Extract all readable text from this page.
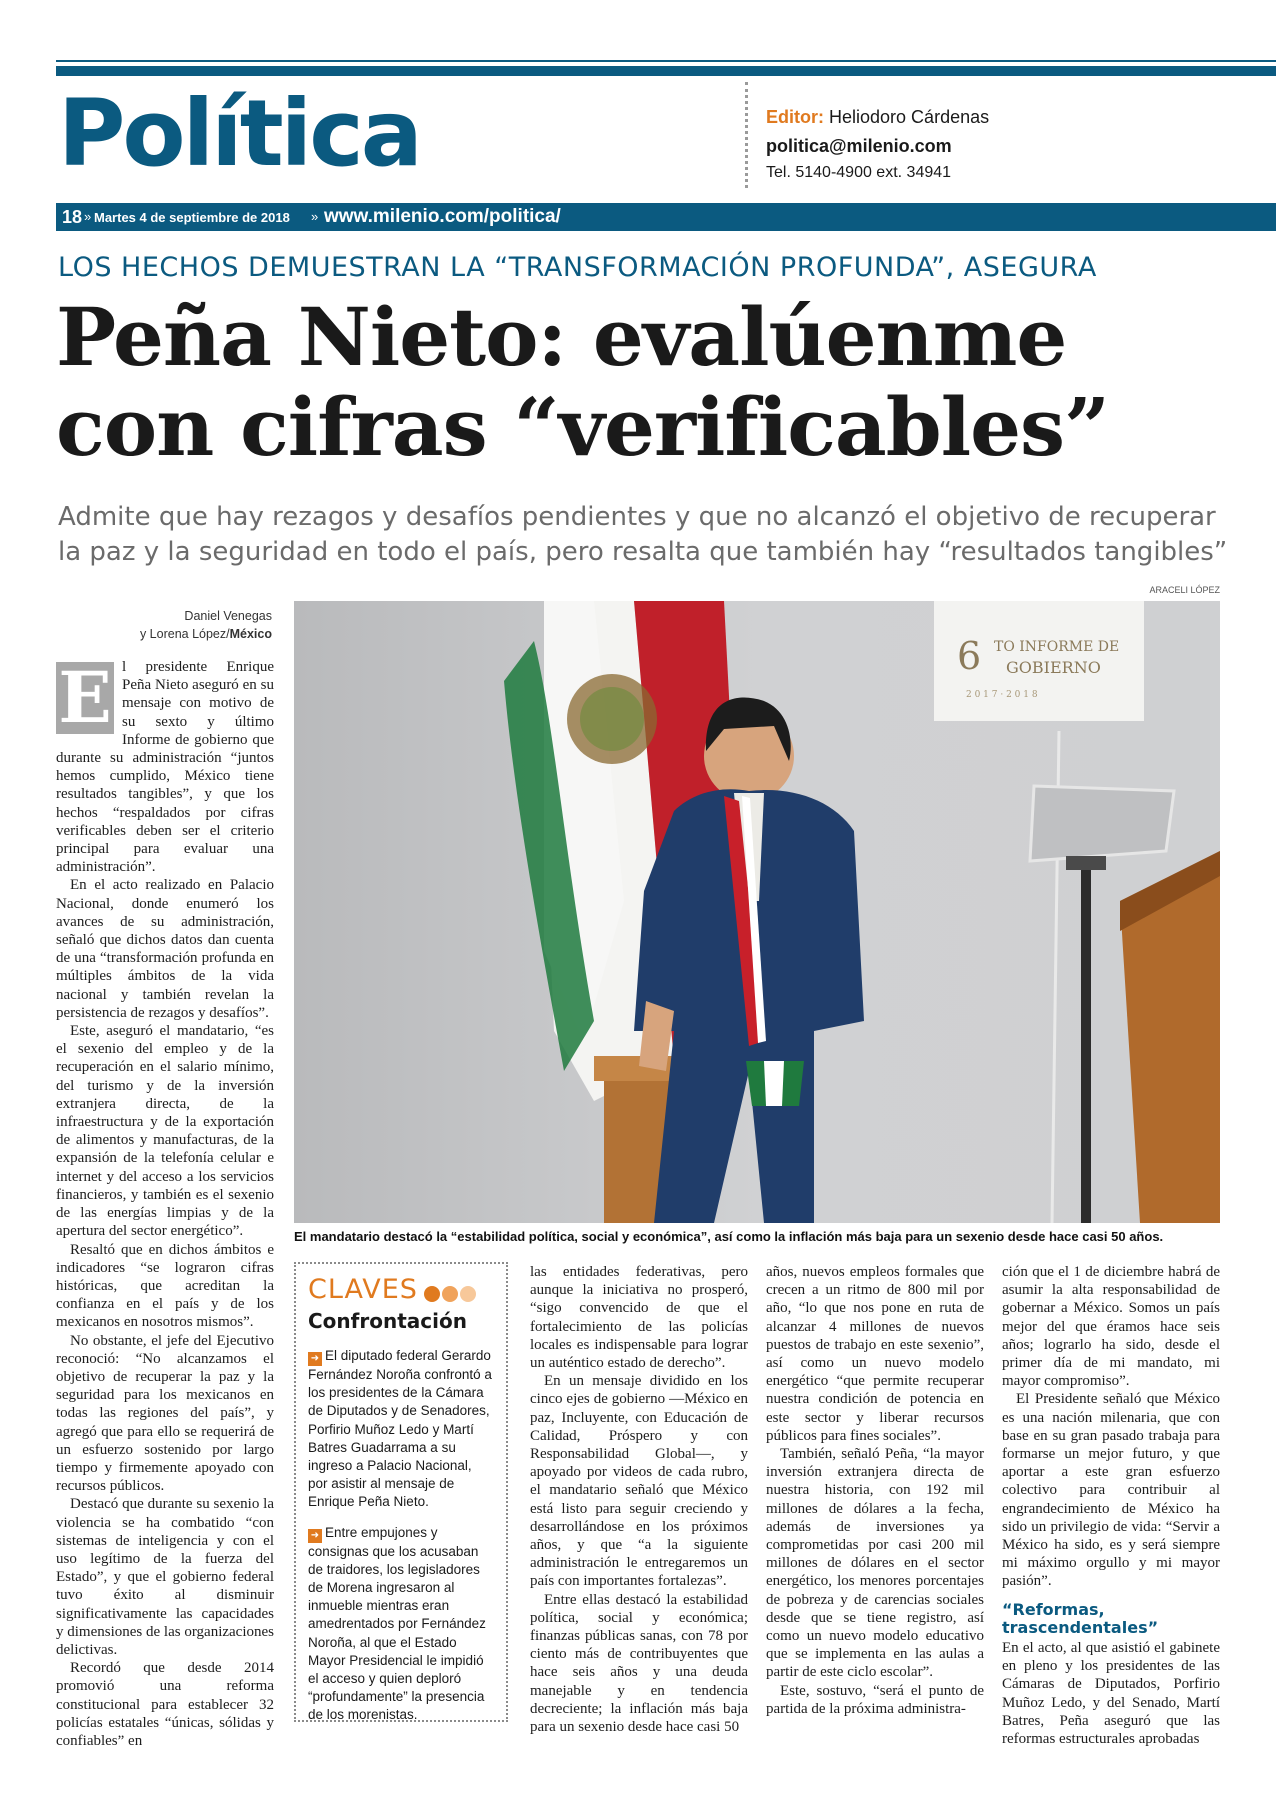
Política	Editor: Heliodoro Cárdenas
politica@milenio.com
Tel. 5140-4900 ext. 34941
18 » Martes 4 de septiembre de 2018 » www.milenio.com/politica/
LOS HECHOS DEMUESTRAN LA “TRANSFORMACIÓN PROFUNDA”, ASEGURA
Peña Nieto: evalúenme
con cifras “verificables”
Admite que hay rezagos y desafíos pendientes y que no alcanzó el objetivo de recuperar
la paz y la seguridad en todo el país, pero resalta que también hay “resultados tangibles”
ARACELI LÓPEZ
6 TO INFORME DE
GOBIERNO
2 0 1 7 · 2 0 1 8
El mandatario destacó la “estabilidad política, social y económica”, así como la inflación más baja para un sexenio desde hace casi 50 años.
Daniel Venegas
y Lorena López/México
E l presidente Enrique Peña Nieto aseguró en su mensaje con motivo de su sexto y último Informe de gobierno que durante su administración “juntos hemos cumplido, México tiene resultados tangibles”, y que los hechos “respaldados por cifras verificables deben ser el criterio principal para evaluar una administración”.

En el acto realizado en Palacio Nacional, donde enumeró los avances de su administración, señaló que dichos datos dan cuenta de una “transformación profunda en múltiples ámbitos de la vida nacional y también revelan la persistencia de rezagos y desafíos”.

Este, aseguró el mandatario, “es el sexenio del empleo y de la recuperación en el salario mínimo, del turismo y de la inversión extranjera directa, de la infraestructura y de la exportación de alimentos y manufacturas, de la expansión de la telefonía celular e internet y del acceso a los servicios financieros, y también es el sexenio de las energías limpias y de la apertura del sector energético”.

Resaltó que en dichos ámbitos e indicadores “se lograron cifras históricas, que acreditan la confianza en el país y de los mexicanos en nosotros mismos”.

No obstante, el jefe del Ejecutivo reconoció: “No alcanzamos el objetivo de recuperar la paz y la seguridad para los mexicanos en todas las regiones del país”, y agregó que para ello se requerirá de un esfuerzo sostenido por largo tiempo y firmemente apoyado con recursos públicos.

Destacó que durante su sexenio la violencia se ha combatido “con sistemas de inteligencia y con el uso legítimo de la fuerza del Estado”, y que el gobierno federal tuvo éxito al disminuir significativamente las capacidades y dimensiones de las organizaciones delictivas.

Recordó que desde 2014 promovió una reforma constitucional para establecer 32 policías estatales “únicas, sólidas y confiables” en

CLAVES
Confrontación

➜ El diputado federal Gerardo Fernández Noroña confrontó a los presidentes de la Cámara de Diputados y de Senadores, Porfirio Muñoz Ledo y Martí Batres Guadarrama a su ingreso a Palacio Nacional, por asistir al mensaje de Enrique Peña Nieto.

➜ Entre empujones y consignas que los acusaban de traidores, los legisladores de Morena ingresaron al inmueble mientras eran amedrentados por Fernández Noroña, al que el Estado Mayor Presidencial le impidió el acceso y quien deploró “profundamente” la presencia de los morenistas.

las entidades federativas, pero aunque la iniciativa no prosperó, “sigo convencido de que el fortalecimiento de las policías locales es indispensable para lograr un auténtico estado de derecho”.

En un mensaje dividido en los cinco ejes de gobierno —México en paz, Incluyente, con Educación de Calidad, Próspero y con Responsabilidad Global—, y apoyado por videos de cada rubro, el mandatario señaló que México está listo para seguir creciendo y desarrollándose en los próximos años, y que “a la siguiente administración le entregaremos un país con importantes fortalezas”.

Entre ellas destacó la estabilidad política, social y económica; finanzas públicas sanas, con 78 por ciento más de contribuyentes que hace seis años y una deuda manejable y en tendencia decreciente; la inflación más baja para un sexenio desde hace casi 50

años, nuevos empleos formales que crecen a un ritmo de 800 mil por año, “lo que nos pone en ruta de alcanzar 4 millones de nuevos puestos de trabajo en este sexenio”, así como un nuevo modelo energético “que permite recuperar nuestra condición de potencia en este sector y liberar recursos públicos para fines sociales”.

También, señaló Peña, “la mayor inversión extranjera directa de nuestra historia, con 192 mil millones de dólares a la fecha, además de inversiones ya comprometidas por casi 200 mil millones de dólares en el sector energético, los menores porcentajes de pobreza y de carencias sociales desde que se tiene registro, así como un nuevo modelo educativo que se implementa en las aulas a partir de este ciclo escolar”.

Este, sostuvo, “será el punto de partida de la próxima administra-

ción que el 1 de diciembre habrá de asumir la alta responsabilidad de gobernar a México. Somos un país mejor del que éramos hace seis años; lograrlo ha sido, desde el primer día de mi mandato, mi mayor compromiso”.

El Presidente señaló que México es una nación milenaria, que con base en su gran pasado trabaja para formarse un mejor futuro, y que aportar a este gran esfuerzo colectivo para contribuir al engrandecimiento de México ha sido un privilegio de vida: “Servir a México ha sido, es y será siempre mi máximo orgullo y mi mayor pasión”.

“Reformas, trascendentales”

En el acto, al que asistió el gabinete en pleno y los presidentes de las Cámaras de Diputados, Porfirio Muñoz Ledo, y del Senado, Martí Batres, Peña aseguró que las reformas estructurales aprobadas
